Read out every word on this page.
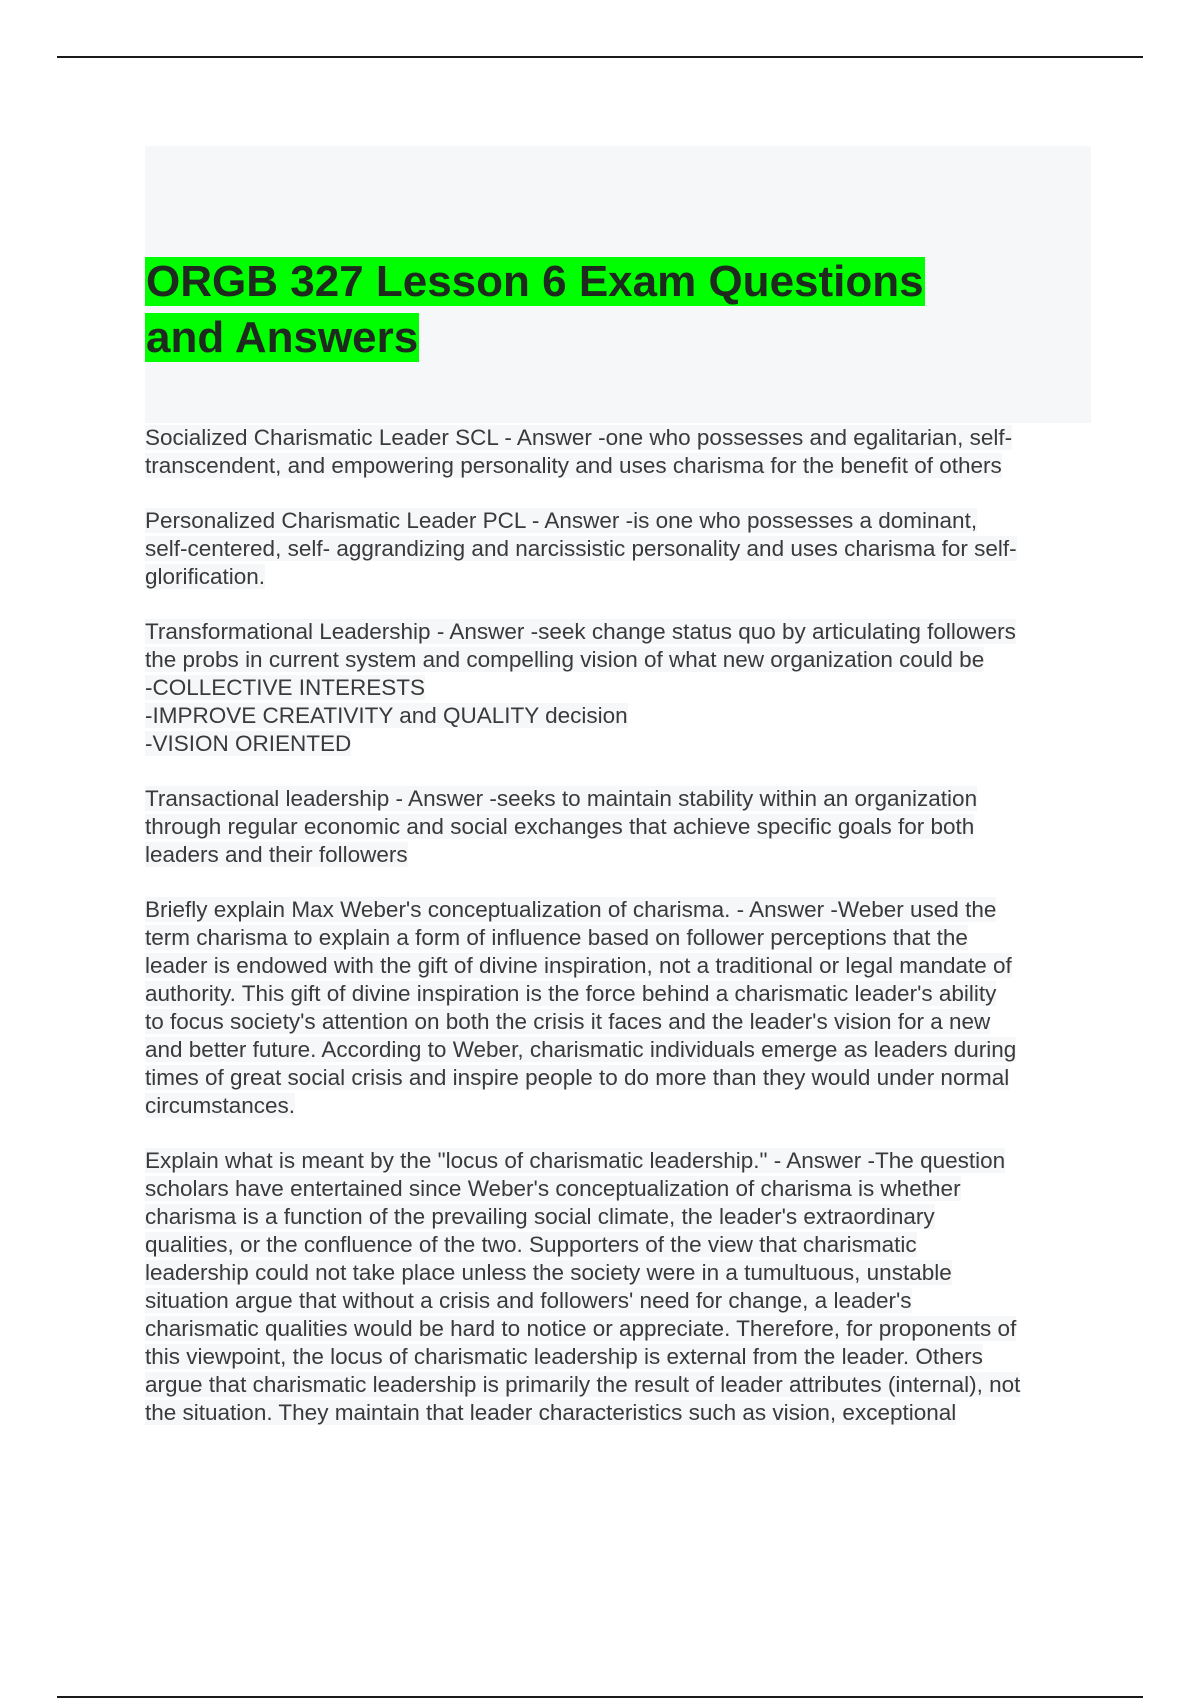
ORGB 327 Lesson 6 Exam Questions
and Answers

Socialized Charismatic Leader SCL - Answer -one who possesses and egalitarian, self-
transcendent, and empowering personality and uses charisma for the benefit of others

Personalized Charismatic Leader PCL - Answer -is one who possesses a dominant,
self-centered, self- aggrandizing and narcissistic personality and uses charisma for self-
glorification.

Transformational Leadership - Answer -seek change status quo by articulating followers
the probs in current system and compelling vision of what new organization could be
-COLLECTIVE INTERESTS
-IMPROVE CREATIVITY and QUALITY decision
-VISION ORIENTED

Transactional leadership - Answer -seeks to maintain stability within an organization
through regular economic and social exchanges that achieve specific goals for both
leaders and their followers

Briefly explain Max Weber's conceptualization of charisma. - Answer -Weber used the
term charisma to explain a form of influence based on follower perceptions that the
leader is endowed with the gift of divine inspiration, not a traditional or legal mandate of
authority. This gift of divine inspiration is the force behind a charismatic leader's ability
to focus society's attention on both the crisis it faces and the leader's vision for a new
and better future. According to Weber, charismatic individuals emerge as leaders during
times of great social crisis and inspire people to do more than they would under normal
circumstances.

Explain what is meant by the "locus of charismatic leadership." - Answer -The question
scholars have entertained since Weber's conceptualization of charisma is whether
charisma is a function of the prevailing social climate, the leader's extraordinary
qualities, or the confluence of the two. Supporters of the view that charismatic
leadership could not take place unless the society were in a tumultuous, unstable
situation argue that without a crisis and followers' need for change, a leader's
charismatic qualities would be hard to notice or appreciate. Therefore, for proponents of
this viewpoint, the locus of charismatic leadership is external from the leader. Others
argue that charismatic leadership is primarily the result of leader attributes (internal), not
the situation. They maintain that leader characteristics such as vision, exceptional
